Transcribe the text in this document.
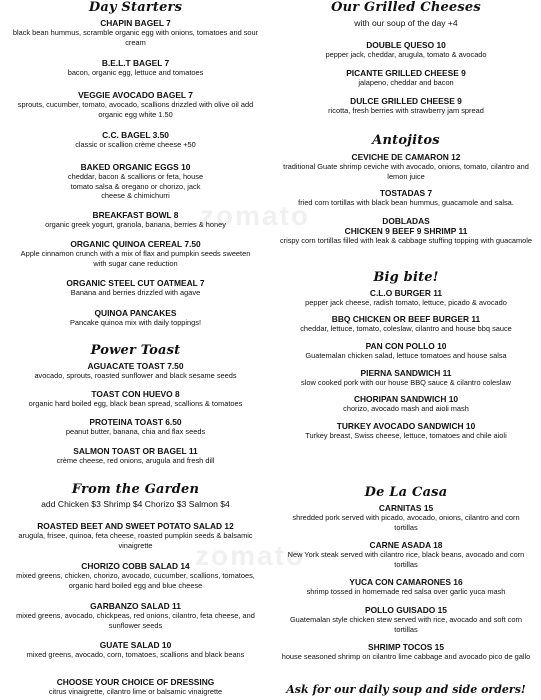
zomato
zomato
Day Starters
CHAPIN BAGEL 7
black bean hummus, scramble organic egg with onions, tomatoes and sour cream
B.E.L.T BAGEL 7
bacon, organic egg, lettuce and tomatoes
VEGGIE AVOCADO BAGEL 7
sprouts, cucumber, tomato, avocado, scallions drizzled with olive oil add organic egg white 1.50
C.C. BAGEL 3.50
classic or scallion crème cheese +50
BAKED ORGANIC EGGS 10
cheddar, bacon & scallions or feta, house tomato salsa & oregano or chorizo, jack cheese & chimichurri
BREAKFAST BOWL 8
organic greek yogurt, granola, banana, berries & honey
ORGANIC QUINOA CEREAL 7.50
Apple cinnamon crunch with a mix of flax and pumpkin seeds sweeten with sugar cane reduction
ORGANIC STEEL CUT OATMEAL 7
Banana and berries drizzled with agave
QUINOA PANCAKES
Pancake quinoa mix with daily toppings!
Power Toast
AGUACATE TOAST 7.50
avocado, sprouts, roasted sunflower and black sesame seeds
TOAST CON HUEVO 8
organic hard boiled egg, black bean spread, scallions & tomatoes
PROTEINA TOAST 6.50
peanut butter, banana, chia and flax seeds
SALMON TOAST OR BAGEL 11
crème cheese, red onions, arugula and fresh dill
From the Garden
add Chicken $3 Shrimp $4 Chorizo $3 Salmon $4
ROASTED BEET AND SWEET POTATO SALAD 12
arugula, frisee, quinoa, feta cheese, roasted pumpkin seeds & balsamic vinaigrette
CHORIZO COBB SALAD 14
mixed greens, chicken, chorizo, avocado, cucumber, scallions, tomatoes, organic hard boiled egg and blue cheese
GARBANZO SALAD 11
mixed greens, avocado, chickpeas, red onions, cilantro, feta cheese, and sunflower seeds
GUATE SALAD 10
mixed greens, avocado, corn, tomatoes, scallions and black beans
CHOOSE YOUR CHOICE OF DRESSING
citrus vinaigrette, cilantro lime or balsamic vinaigrette
Our Grilled Cheeses
with our soup of the day +4
DOUBLE QUESO 10
pepper jack, cheddar, arugula, tomato & avocado
PICANTE GRILLED CHEESE 9
jalapeno, cheddar and bacon
DULCE GRILLED CHEESE 9
ricotta, fresh berries with strawberry jam spread
Antojitos
CEVICHE DE CAMARON 12
traditional Guate shrimp ceviche with avocado, onions, tomato, cilantro and lemon juice
TOSTADAS 7
fried corn tortillas with black bean hummus, guacamole and salsa.
DOBLADAS
CHICKEN 9 BEEF 9 SHRIMP 11
crispy corn tortillas filled with leak & cabbage stuffing topping with guacamole
Big bite!
C.L.O BURGER 11
pepper jack cheese, radish tomato, lettuce, picado & avocado
BBQ CHICKEN OR BEEF BURGER 11
cheddar, lettuce, tomato, coleslaw, cilantro and house bbq sauce
PAN CON POLLO 10
Guatemalan chicken salad, lettuce tomatoes and house salsa
PIERNA SANDWICH 11
slow cooked pork with our house BBQ sauce & cilantro coleslaw
CHORIPAN SANDWICH 10
chorizo, avocado mash and aioli mash
TURKEY AVOCADO SANDWICH 10
Turkey breast, Swiss cheese, lettuce, tomatoes and chile aioli
De La Casa
CARNITAS 15
shredded pork served with picado, avocado, onions, cilantro and corn tortillas
CARNE ASADA 18
New York steak served with cilantro rice, black beans, avocado and corn tortillas
YUCA CON CAMARONES 16
shrimp tossed in homemade red salsa over garlic yuca mash
POLLO GUISADO 15
Guatemalan style chicken stew served with rice, avocado and soft corn tortillas
SHRIMP TOCOS 15
house seasoned shrimp on cilantro lime cabbage and avocado pico de gallo
Ask for our daily soup and side orders!
